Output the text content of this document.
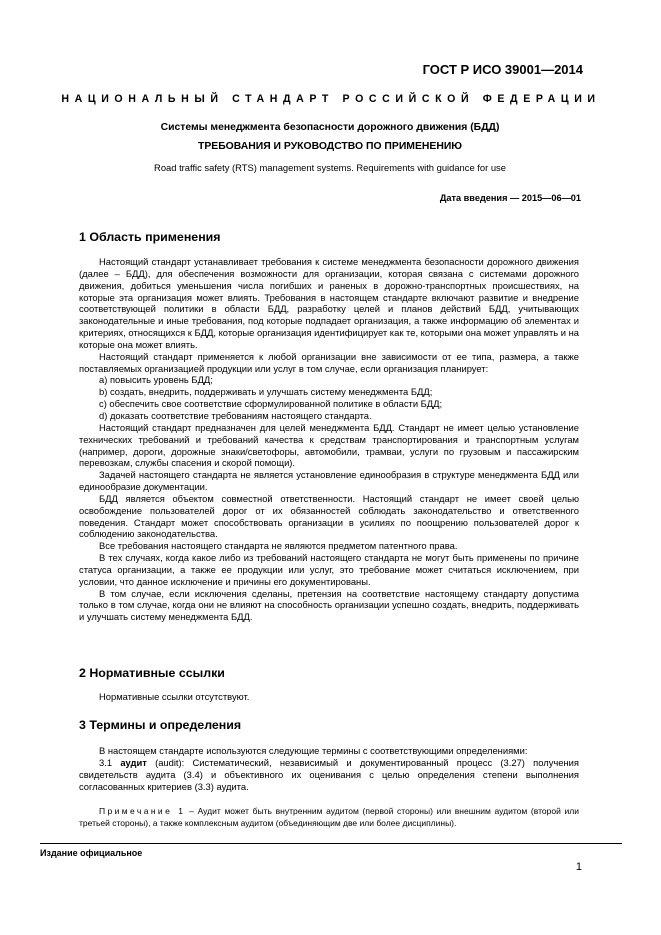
ГОСТ Р ИСО 39001—2014
НАЦИОНАЛЬНЫЙ СТАНДАРТ РОССИЙСКОЙ ФЕДЕРАЦИИ
Системы менеджмента безопасности дорожного движения (БДД)
ТРЕБОВАНИЯ И РУКОВОДСТВО ПО ПРИМЕНЕНИЮ
Road traffic safety (RTS) management systems. Requirements with guidance for use
Дата введения — 2015—06—01
1 Область применения

Настоящий стандарт устанавливает требования к системе менеджмента безопасности дорожного движения (далее – БДД), для обеспечения возможности для организации, которая связана с системами дорожного движения, добиться уменьшения числа погибших и раненых в дорожно-транспортных происшествиях, на которые эта организация может влиять. Требования в настоящем стандарте включают развитие и внедрение соответствующей политики в области БДД, разработку целей и планов действий БДД, учитывающих законодательные и иные требования, под которые подпадает организация, а также информацию об элементах и критериях, относящихся к БДД, которые организация идентифицирует как те, которыми она может управлять и на которые она может влиять.

Настоящий стандарт применяется к любой организации вне зависимости от ее типа, размера, а также поставляемых организацией продукции или услуг в том случае, если организация планирует:

а) повысить уровень БДД;

b) создать, внедрить, поддерживать и улучшать систему менеджмента БДД;

с) обеспечить свое соответствие сформулированной политике в области БДД;

d) доказать соответствие требованиям настоящего стандарта.

Настоящий стандарт предназначен для целей менеджмента БДД. Стандарт не имеет целью установление технических требований и требований качества к средствам транспортирования и транспортным услугам (например, дороги, дорожные знаки/светофоры, автомобили, трамваи, услуги по грузовым и пассажирским перевозкам, службы спасения и скорой помощи).

Задачей настоящего стандарта не является установление единообразия в структуре менеджмента БДД или единообразие документации.

БДД является объектом совместной ответственности. Настоящий стандарт не имеет своей целью освобождение пользователей дорог от их обязанностей соблюдать законодательство и ответственного поведения. Стандарт может способствовать организации в усилиях по поощрению пользователей дорог к соблюдению законодательства.

Все требования настоящего стандарта не являются предметом патентного права.

В тех случаях, когда какое либо из требований настоящего стандарта не могут быть применены по причине статуса организации, а также ее продукции или услуг, это требование может считаться исключением, при условии, что данное исключение и причины его документированы.

В том случае, если исключения сделаны, претензия на соответствие настоящему стандарту допустима только в том случае, когда они не влияют на способность организации успешно создать, внедрить, поддерживать и улучшать систему менеджмента БДД.

2 Нормативные ссылки

Нормативные ссылки отсутствуют.

3 Термины и определения

В настоящем стандарте используются следующие термины с соответствующими определениями:

3.1 аудит (audit): Систематический, независимый и документированный процесс (3.27) получения свидетельств аудита (3.4) и объективного их оценивания с целью определения степени выполнения согласованных критериев (3.3) аудита.

Примечание 1 – Аудит может быть внутренним аудитом (первой стороны) или внешним аудитом (второй или третьей стороны), а также комплексным аудитом (объединяющим две или более дисциплины).

Издание официальное
1
